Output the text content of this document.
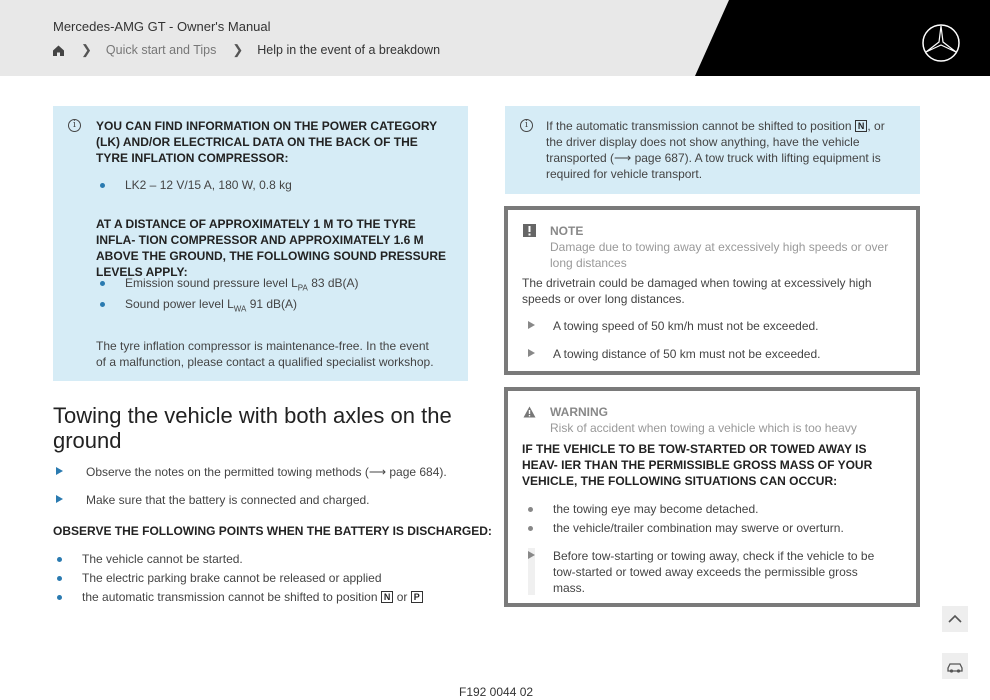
Mercedes-AMG GT - Owner's Manual
❯ Quick start and Tips ❯ Help in the event of a breakdown
i	YOU CAN FIND INFORMATION ON THE POWER CATEGORY (LK) AND/OR ELECTRICAL DATA ON THE BACK OF THE TYRE INFLATION COMPRESSOR:
LK2 – 12 V/15 A, 180 W, 0.8 kg
AT A DISTANCE OF APPROXIMATELY 1 M TO THE TYRE INFLA- TION COMPRESSOR AND APPROXIMATELY 1.6 M ABOVE THE GROUND, THE FOLLOWING SOUND PRESSURE LEVELS APPLY:
Emission sound pressure level $L_{PA}$ 83 dB(A)
Sound power level $L_{WA}$ 91 dB(A)
The tyre inflation compressor is maintenance-free. In the event of a malfunction, please contact a qualified specialist workshop.
Towing the vehicle with both axles on the ground
Observe the notes on the permitted towing methods (⟶ page 684).
Make sure that the battery is connected and charged.
OBSERVE THE FOLLOWING POINTS WHEN THE BATTERY IS DISCHARGED:
The vehicle cannot be started.
The electric parking brake cannot be released or applied
the automatic transmission cannot be shifted to position N or P
i	If the automatic transmission cannot be shifted to position N , or the driver display does not show anything, have the vehicle transported (⟶ page 687). A tow truck with lifting equipment is required for vehicle transport.
NOTE
Damage due to towing away at excessively high speeds or over long distances
The drivetrain could be damaged when towing at excessively high speeds or over long distances.
A towing speed of 50 km/h must not be exceeded.
A towing distance of 50 km must not be exceeded.
WARNING
Risk of accident when towing a vehicle which is too heavy
IF THE VEHICLE TO BE TOW-STARTED OR TOWED AWAY IS HEAV- IER THAN THE PERMISSIBLE GROSS MASS OF YOUR VEHICLE, THE FOLLOWING SITUATIONS CAN OCCUR:
the towing eye may become detached.
the vehicle/trailer combination may swerve or overturn.
Before tow-starting or towing away, check if the vehicle to be tow-started or towed away exceeds the permissible gross mass.
F192 0044 02
